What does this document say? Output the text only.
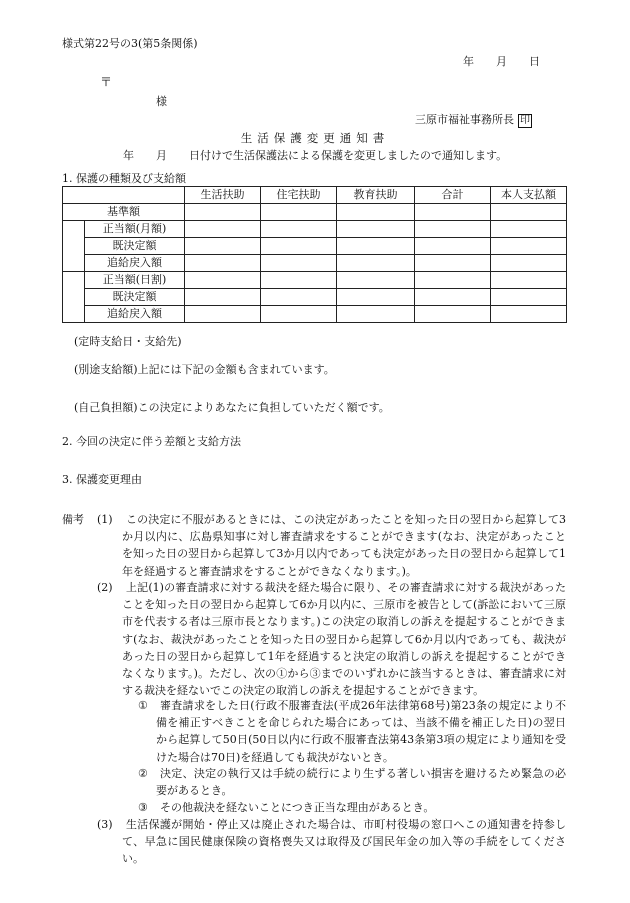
様式第22号の3(第5条関係)
年　　月　　日
〒
様
三原市福祉事務所長 印
生活保護変更通知書
年　　月　　日付けで生活保護法による保護を変更しましたので通知します。
1. 保護の種類及び支給額
		生活扶助	住宅扶助	教育扶助	合計	本人支払額
基準額						
	正当額(月額)					
	既決定額					
	追給戻入額					
	正当額(日割)					
	既決定額					
	追給戻入額					
(定時支給日・支給先)
(別途支給額)上記には下記の金額も含まれています。
(自己負担額)この決定によりあなたに負担していただく額です。
2. 今回の決定に伴う差額と支給方法
3. 保護変更理由
備考 (1)	この決定に不服があるときには、この決定があったことを知った日の翌日から起算して3か月以内に、広島県知事に対し審査請求をすることができます(なお、決定があったことを知った日の翌日から起算して3か月以内であっても決定があった日の翌日から起算して1年を経過すると審査請求をすることができなくなります。)。
(2)	上記(1)の審査請求に対する裁決を経た場合に限り、その審査請求に対する裁決があったことを知った日の翌日から起算して6か月以内に、三原市を被告として(訴訟において三原市を代表する者は三原市長となります。)この決定の取消しの訴えを提起することができます(なお、裁決があったことを知った日の翌日から起算して6か月以内であっても、裁決があった日の翌日から起算して1年を経過すると決定の取消しの訴えを提起することができなくなります。)。ただし、次の①から③までのいずれかに該当するときは、審査請求に対する裁決を経ないでこの決定の取消しの訴えを提起することができます。
①	審査請求をした日(行政不服審査法(平成26年法律第68号)第23条の規定により不備を補正すべきことを命じられた場合にあっては、当該不備を補正した日)の翌日から起算して50日(50日以内に行政不服審査法第43条第3項の規定により通知を受けた場合は70日)を経過しても裁決がないとき。
②	決定、決定の執行又は手続の続行により生ずる著しい損害を避けるため緊急の必要があるとき。
③	その他裁決を経ないことにつき正当な理由があるとき。
(3)	生活保護が開始・停止又は廃止された場合は、市町村役場の窓口へこの通知書を持参して、早急に国民健康保険の資格喪失又は取得及び国民年金の加入等の手続をしてください。
